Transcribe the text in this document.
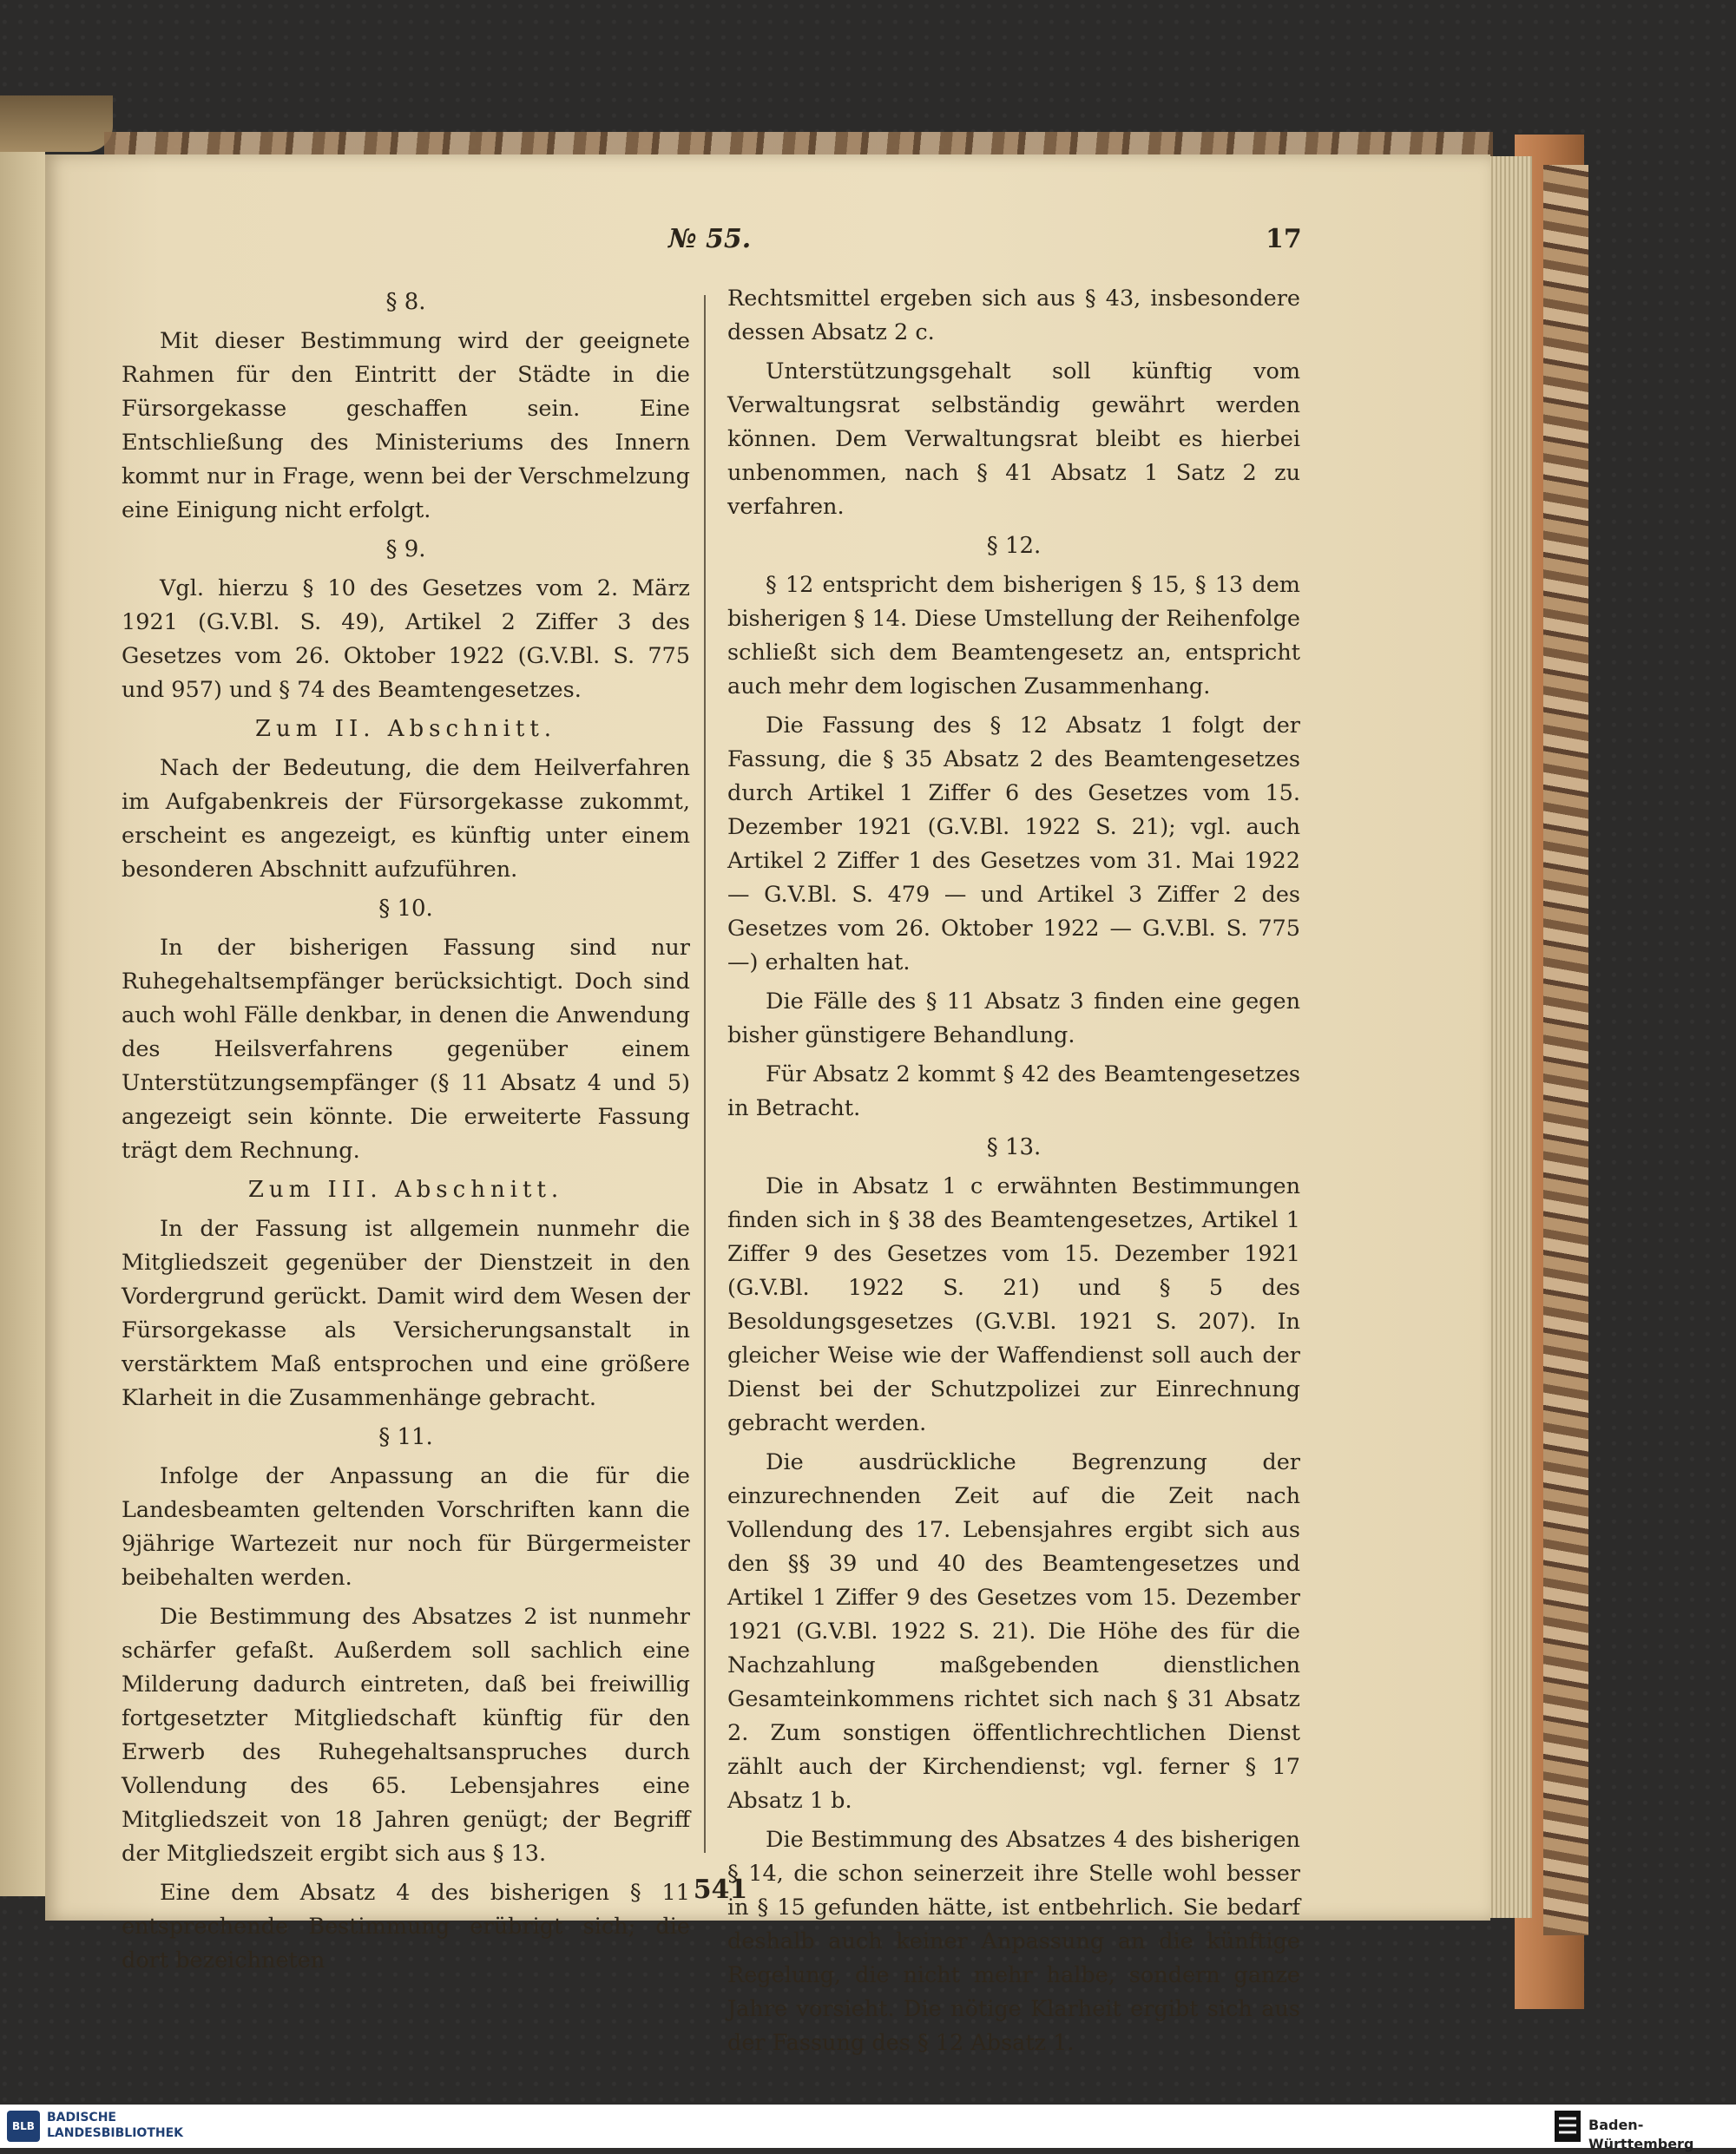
№ 55.	17
§ 8.

Mit dieser Bestimmung wird der geeignete Rahmen für den Eintritt der Städte in die Fürsorgekasse geschaffen sein. Eine Entschließung des Ministeriums des Innern kommt nur in Frage, wenn bei der Verschmelzung eine Einigung nicht erfolgt.

§ 9.

Vgl. hierzu § 10 des Gesetzes vom 2. März 1921 (G.V.Bl. S. 49), Artikel 2 Ziffer 3 des Gesetzes vom 26. Oktober 1922 (G.V.Bl. S. 775 und 957) und § 74 des Beamtengesetzes.

Zum II. Abschnitt.

Nach der Bedeutung, die dem Heilverfahren im Aufgabenkreis der Fürsorgekasse zukommt, erscheint es angezeigt, es künftig unter einem besonderen Abschnitt aufzuführen.

§ 10.

In der bisherigen Fassung sind nur Ruhegehaltsempfänger berücksichtigt. Doch sind auch wohl Fälle denkbar, in denen die Anwendung des Heilsverfahrens gegenüber einem Unterstützungsempfänger (§ 11 Absatz 4 und 5) angezeigt sein könnte. Die erweiterte Fassung trägt dem Rechnung.

Zum III. Abschnitt.

In der Fassung ist allgemein nunmehr die Mitgliedszeit gegenüber der Dienstzeit in den Vordergrund gerückt. Damit wird dem Wesen der Fürsorgekasse als Versicherungsanstalt in verstärktem Maß entsprochen und eine größere Klarheit in die Zusammenhänge gebracht.

§ 11.

Infolge der Anpassung an die für die Landesbeamten geltenden Vorschriften kann die 9jährige Wartezeit nur noch für Bürgermeister beibehalten werden.

Die Bestimmung des Absatzes 2 ist nunmehr schärfer gefaßt. Außerdem soll sachlich eine Milderung dadurch eintreten, daß bei freiwillig fortgesetzter Mitgliedschaft künftig für den Erwerb des Ruhegehaltsanspruches durch Vollendung des 65. Lebensjahres eine Mitgliedszeit von 18 Jahren genügt; der Begriff der Mitgliedszeit ergibt sich aus § 13.

Eine dem Absatz 4 des bisherigen § 11 entsprechende Bestimmung erübrigt sich; die dort bezeichneten

Rechtsmittel ergeben sich aus § 43, insbesondere dessen Absatz 2 c.

Unterstützungsgehalt soll künftig vom Verwaltungsrat selbständig gewährt werden können. Dem Verwaltungsrat bleibt es hierbei unbenommen, nach § 41 Absatz 1 Satz 2 zu verfahren.

§ 12.

§ 12 entspricht dem bisherigen § 15, § 13 dem bisherigen § 14. Diese Umstellung der Reihenfolge schließt sich dem Beamtengesetz an, entspricht auch mehr dem logischen Zusammenhang.

Die Fassung des § 12 Absatz 1 folgt der Fassung, die § 35 Absatz 2 des Beamtengesetzes durch Artikel 1 Ziffer 6 des Gesetzes vom 15. Dezember 1921 (G.V.Bl. 1922 S. 21); vgl. auch Artikel 2 Ziffer 1 des Gesetzes vom 31. Mai 1922 — G.V.Bl. S. 479 — und Artikel 3 Ziffer 2 des Gesetzes vom 26. Oktober 1922 — G.V.Bl. S. 775 —) erhalten hat.

Die Fälle des § 11 Absatz 3 finden eine gegen bisher günstigere Behandlung.

Für Absatz 2 kommt § 42 des Beamtengesetzes in Betracht.

§ 13.

Die in Absatz 1 c erwähnten Bestimmungen finden sich in § 38 des Beamtengesetzes, Artikel 1 Ziffer 9 des Gesetzes vom 15. Dezember 1921 (G.V.Bl. 1922 S. 21) und § 5 des Besoldungsgesetzes (G.V.Bl. 1921 S. 207). In gleicher Weise wie der Waffendienst soll auch der Dienst bei der Schutzpolizei zur Einrechnung gebracht werden.

Die ausdrückliche Begrenzung der einzurechnenden Zeit auf die Zeit nach Vollendung des 17. Lebensjahres ergibt sich aus den §§ 39 und 40 des Beamtengesetzes und Artikel 1 Ziffer 9 des Gesetzes vom 15. Dezember 1921 (G.V.Bl. 1922 S. 21). Die Höhe des für die Nachzahlung maßgebenden dienstlichen Gesamteinkommens richtet sich nach § 31 Absatz 2. Zum sonstigen öffentlichrechtlichen Dienst zählt auch der Kirchendienst; vgl. ferner § 17 Absatz 1 b.

Die Bestimmung des Absatzes 4 des bisherigen § 14, die schon seinerzeit ihre Stelle wohl besser in § 15 gefunden hätte, ist entbehrlich. Sie bedarf deshalb auch keiner Anpassung an die künftige Regelung, die nicht mehr halbe, sondern ganze Jahre vorsieht. Die nötige Klarheit ergibt sich aus der Fassung des § 12 Absatz 1.

541
BLB
BADISCHE
LANDESBIBLIOTHEK	Baden-Württemberg
